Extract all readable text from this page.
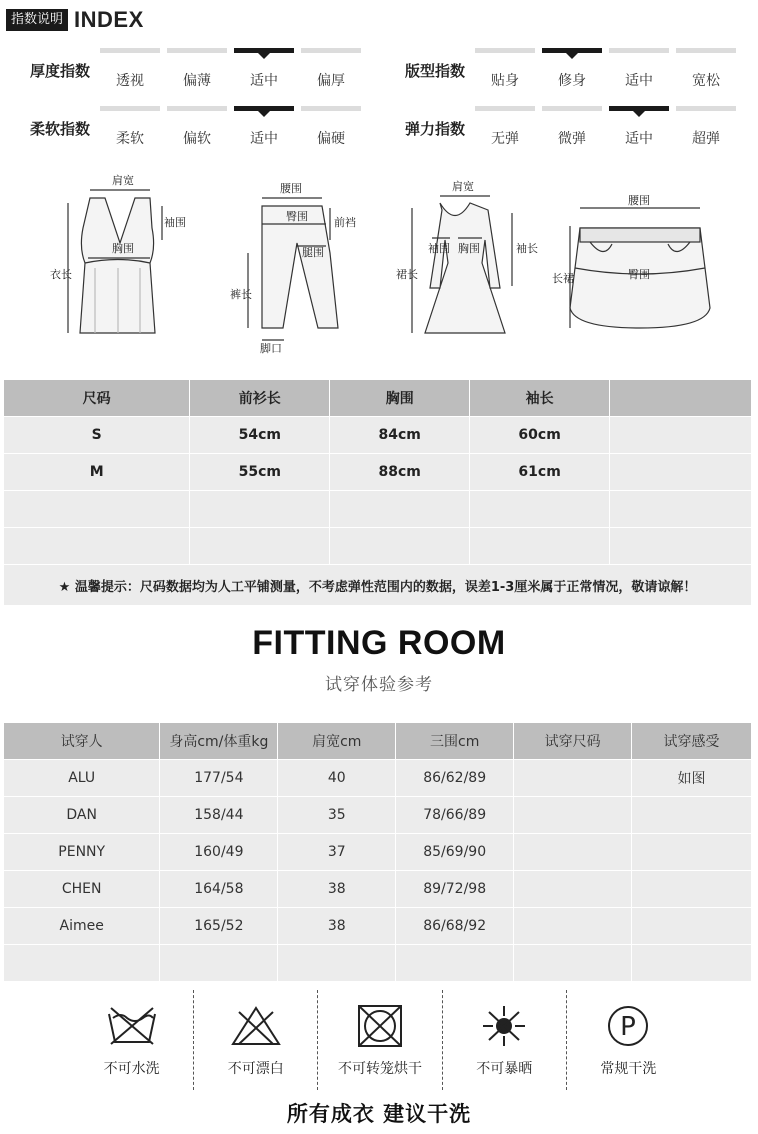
指数说明 INDEX
厚度指数
透视	偏薄	适中	偏厚
版型指数
贴身	修身	适中	宽松
柔软指数
柔软	偏软	适中	偏硬
弹力指数
无弹	微弹	适中	超弹
肩宽
袖围
衣长
胸围
腰围
臀围 前裆
腿围
裤长
脚口
肩宽
袖围 胸围	袖长
裙长
腰围
臀围
长裙
尺码	前衫长	胸围	袖长	
S	54cm	84cm	60cm	
M	55cm	88cm	61cm	

★ 温馨提示：尺码数据均为人工平铺测量，不考虑弹性范围内的数据，误差1-3厘米属于正常情况，敬请谅解！				
FITTING ROOM
试穿体验参考
试穿人	身高cm/体重kg	肩宽cm	三围cm	试穿尺码	试穿感受
ALU	177/54	40	86/62/89		如图
DAN	158/44	35	78/66/89		
PENNY	160/49	37	85/69/90		
CHEN	164/58	38	89/72/98		
Aimee	165/52	38	86/68/92		

不可水洗	不可漂白	不可转笼烘干	不可暴晒
P
常规干洗
所有成衣 建议干洗
